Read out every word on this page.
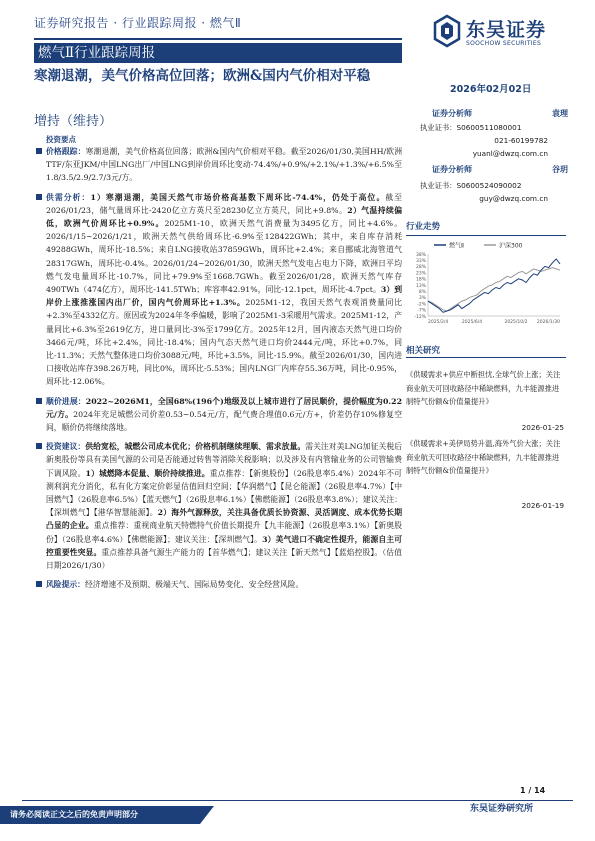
证券研究报告 · 行业跟踪周报 · 燃气Ⅱ	东吴证券
SOOCHOW SECURITIES
燃气Ⅱ行业跟踪周报
寒潮退潮，美气价格高位回落；欧洲&国内气价相对平稳
增持（维持）
投资要点
价格跟踪：寒潮退潮，美气价格高位回落；欧洲&国内气价相对平稳。截至2026/01/30,美国HH/欧洲TTF/东亚JKM/中国LNG出厂/中国LNG到岸价周环比变动-74.4%/+0.9%/+2.1%/+1.3%/+6.5%至 1.8/3.5/2.9/2.7/3元/方。
供需分析：1）寒潮退潮，美国天然气市场价格高基数下周环比-74.4%，仍处于高位。截至2026/01/23，储气量周环比-2420亿立方英尺至28230亿立方英尺，同比+9.8%。2）气温持续偏低，欧洲气价周环比+0.9%。2025M1-10，欧洲天然气消费量为3495亿方，同比+4.6%。2026/1/15~2026/1/21，欧洲天然气供给周环比-6.9%至128422GWh；其中，来自库存消耗49288GWh，周环比-18.5%；来自LNG接收站37859GWh，周环比+2.4%；来自挪威北海管道气28317GWh，周环比-0.4%。2026/01/24~2026/01/30，欧洲天然气发电占电力下降，欧洲日平均燃气发电量周环比-10.7%，同比+79.9%至1668.7GWh。截至2026/01/28，欧洲天然气库存490TWh（474亿方），周环比-141.5TWh；库容率42.91%，同比-12.1pct，周环比-4.7pct。3）到岸价上涨推涨国内出厂价，国内气价周环比+1.3%。2025M1-12，我国天然气表观消费量同比+2.3%至4332亿方。原因或为2024年冬季偏暖，影响了2025M1-3采暖用气需求。2025M1-12，产量同比+6.3%至2619亿方，进口量同比-3%至1799亿方。2025年12月，国内液态天然气进口均价3466元/吨，环比+2.4%，同比-18.4%；国内气态天然气进口均价2444元/吨，环比+0.7%，同比-11.3%；天然气整体进口均价3088元/吨，环比+3.5%，同比-15.9%。截至2026/01/30，国内进口接收站库存398.26万吨，同比0%，周环比-5.53%；国内LNG厂内库存55.36万吨，同比-0.95%，周环比-12.06%。
顺价进展：2022~2026M1，全国68%(196个)地级及以上城市进行了居民顺价，提价幅度为0.22元/方。2024年充足城燃公司价差0.53~0.54元/方，配气费合理值0.6元/方+，价差仍存10%修复空间，顺价仍将继续落地。
投资建议：供给宽松，城燃公司成本优化；价格机制继续理顺、需求放量。需关注对美LNG加征关税后新奥股份等具有美国气源的公司是否能通过转售等消除关税影响；以及涉及有内管输业务的公司管输费下调风险。1）城燃降本促量、顺价持续推进。重点推荐：【新奥股份】（26股息率5.4%）2024年不可测利润充分消化，私有化方案定价彰显估值回归空间；【华润燃气】【昆仑能源】（26股息率4.7%）【中国燃气】（26股息率6.5%）【蓝天燃气】（26股息率6.1%）【佛燃能源】（26股息率3.8%）；建议关注：【深圳燃气】【港华智慧能源】。2）海外气源释放，关注具备优质长协资源、灵活调度、成本优势长期凸显的企业。重点推荐：重视商业航天特燃特气价值长期提升【九丰能源】（26股息率3.1%）【新奥股份】（26股息率4.6%）【佛燃能源】；建议关注：【深圳燃气】。3）美气进口不确定性提升，能源自主可控重要性突显。重点推荐具备气源生产能力的【首华燃气】；建议关注【新天然气】【蓝焰控股】。（估值日期2026/1/30）
风险提示：经济增速不及预期、极端天气、国际局势变化、安全经营风险。
2026年02月02日
证券分析师	袁理
执业证书：S0600511080001
021-60199782
yuanl@dwzq.com.cn
证券分析师	谷玥
执业证书：S0600524090002
guy@dwzq.com.cn
行业走势
燃气Ⅱ	沪深300
38%
33%
28%
23%
18%
13%
8%
3%
-2%
-7%
-12%
2025/2/4	2025/6/4	2025/10/2 2026/1/30
相关研究
《供暖需求+供应中断担忧,全球气价上涨；关注商业航天可回收路径中稀缺燃料，九丰能源推进制特气份额&价值量提升》
2026-01-25
《供暖需求+美伊局势升温,海外气价大涨；关注商业航天可回收路径中稀缺燃料，九丰能源推进制特气份额&价值量提升》
2026-01-19
1 / 14
请务必阅读正文之后的免责声明部分
东吴证券研究所
